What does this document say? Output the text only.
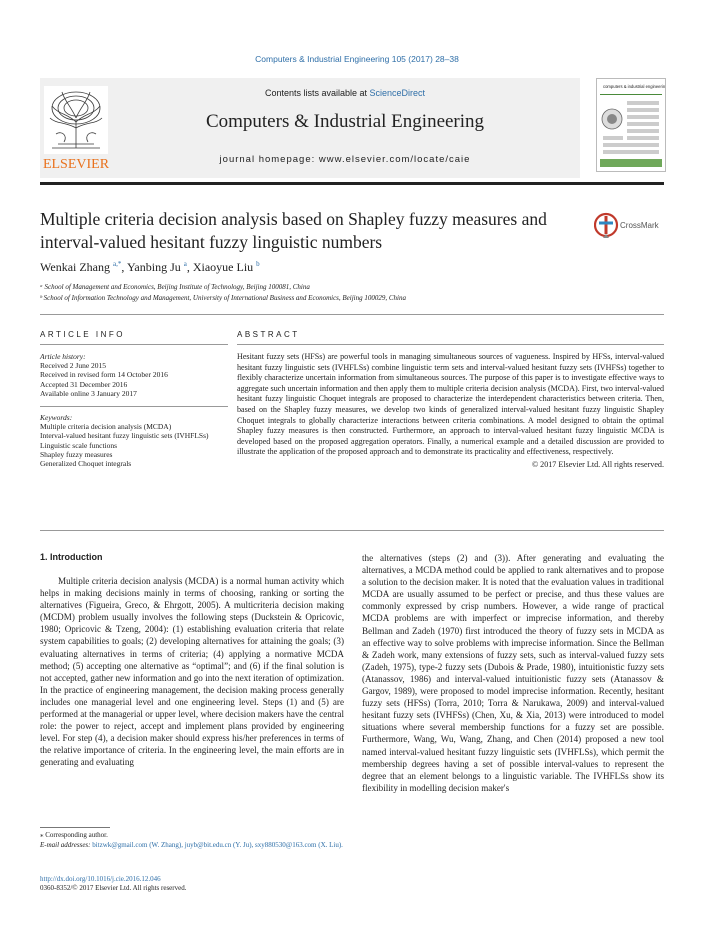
Computers & Industrial Engineering 105 (2017) 28–38
ELSEVIER
Contents lists available at ScienceDirect
Computers & Industrial Engineering
journal homepage: www.elsevier.com/locate/caie
computers & industrial engineering
Multiple criteria decision analysis based on Shapley fuzzy measures and interval-valued hesitant fuzzy linguistic numbers
CrossMark
Wenkai Zhang $^{a,*}$, Yanbing Ju $^a$, Xiaoyue Liu $^b$
ᵃ School of Management and Economics, Beijing Institute of Technology, Beijing 100081, China
ᵇ School of Information Technology and Management, University of International Business and Economics, Beijing 100029, China
ARTICLE INFO	ABSTRACT
Article history:
Received 2 June 2015
Received in revised form 14 October 2016
Accepted 31 December 2016
Available online 3 January 2017
Keywords:
Multiple criteria decision analysis (MCDA)
Interval-valued hesitant fuzzy linguistic sets (IVHFLSs)
Linguistic scale functions
Shapley fuzzy measures
Generalized Choquet integrals
Hesitant fuzzy sets (HFSs) are powerful tools in managing simultaneous sources of vagueness. Inspired by HFSs, interval-valued hesitant fuzzy linguistic sets (IVHFLSs) combine linguistic term sets and interval-valued hesitant fuzzy sets (IVHFSs) together to flexibly characterize uncertain information from simultaneous sources. The purpose of this paper is to investigate effective ways to aggregate such uncertain information and then apply them to multiple criteria decision analysis (MCDA). First, two interval-valued hesitant fuzzy linguistic Choquet integrals are proposed to characterize the interdependent characteristics between criteria. Then, based on the Shapley fuzzy measures, we develop two kinds of generalized interval-valued hesitant fuzzy linguistic Shapley Choquet integrals to globally characterize interactions between criteria combinations. A model designed to obtain the optimal Shapley fuzzy measures is then constructed. Furthermore, an approach to interval-valued hesitant fuzzy linguistic MCDA is developed based on the proposed aggregation operators. Finally, a numerical example and a detailed discussion are provided to illustrate the application of the proposed approach and to demonstrate its practicality and effectiveness, respectively.
© 2017 Elsevier Ltd. All rights reserved.
1. Introduction
Multiple criteria decision analysis (MCDA) is a normal human activity which helps in making decisions mainly in terms of choosing, ranking or sorting the alternatives (Figueira, Greco, & Ehrgott, 2005). A multicriteria decision making (MCDM) problem usually involves the following steps (Duckstein & Opricovic, 1980; Opricovic & Tzeng, 2004): (1) establishing evaluation criteria that relate system capabilities to goals; (2) developing alternatives for attaining the goals; (3) evaluating alternatives in terms of criteria; (4) applying a normative MCDA method; (5) accepting one alternative as “optimal”; and (6) if the final solution is not accepted, gather new information and go into the next iteration of optimization. In the practice of engineering management, the decision making process generally includes one managerial level and one engineering level. Steps (1) and (5) are performed at the managerial or upper level, where decision makers have the central role: the power to reject, accept and implement plans provided by engineering level. For step (4), a decision maker should express his/her preferences in terms of the relative importance of criteria. In the engineering level, the main efforts are in generating and evaluating
the alternatives (steps (2) and (3)). After generating and evaluating the alternatives, a MCDA method could be applied to rank alternatives and to propose a solution to the decision maker. It is noted that the evaluation values in traditional MCDA are usually assumed to be perfect or precise, and thus these values are commonly expressed by crisp numbers. However, a wide range of practical MCDA problems are with imperfect or imprecise information, and thereby Bellman and Zadeh (1970) first introduced the theory of fuzzy sets in MCDA as an effective way to solve problems with imprecise information. Since the Bellman & Zadeh work, many extensions of fuzzy sets, such as interval-valued fuzzy sets (Zadeh, 1975), type-2 fuzzy sets (Dubois & Prade, 1980), intuitionistic fuzzy sets (Atanassov, 1986) and interval-valued intuitionistic fuzzy sets (Atanassov & Gargov, 1989), were proposed to model imprecise information. Recently, hesitant fuzzy sets (HFSs) (Torra, 2010; Torra & Narukawa, 2009) and interval-valued hesitant fuzzy sets (IVHFSs) (Chen, Xu, & Xia, 2013) were introduced to model situations where several membership functions for a fuzzy set are possible. Furthermore, Wang, Wu, Wang, Zhang, and Chen (2014) proposed a new tool named interval-valued hesitant fuzzy linguistic sets (IVHFLSs), which permit the membership degrees having a set of possible interval-values to represent the degree that an element belongs to a linguistic variable. The IVHFLSs show its flexibility in modelling decision maker's
⁎ Corresponding author.
E-mail addresses: bitzwk@gmail.com (W. Zhang), juyb@bit.edu.cn (Y. Ju), sxy880530@163.com (X. Liu).
http://dx.doi.org/10.1016/j.cie.2016.12.046
0360-8352/© 2017 Elsevier Ltd. All rights reserved.
